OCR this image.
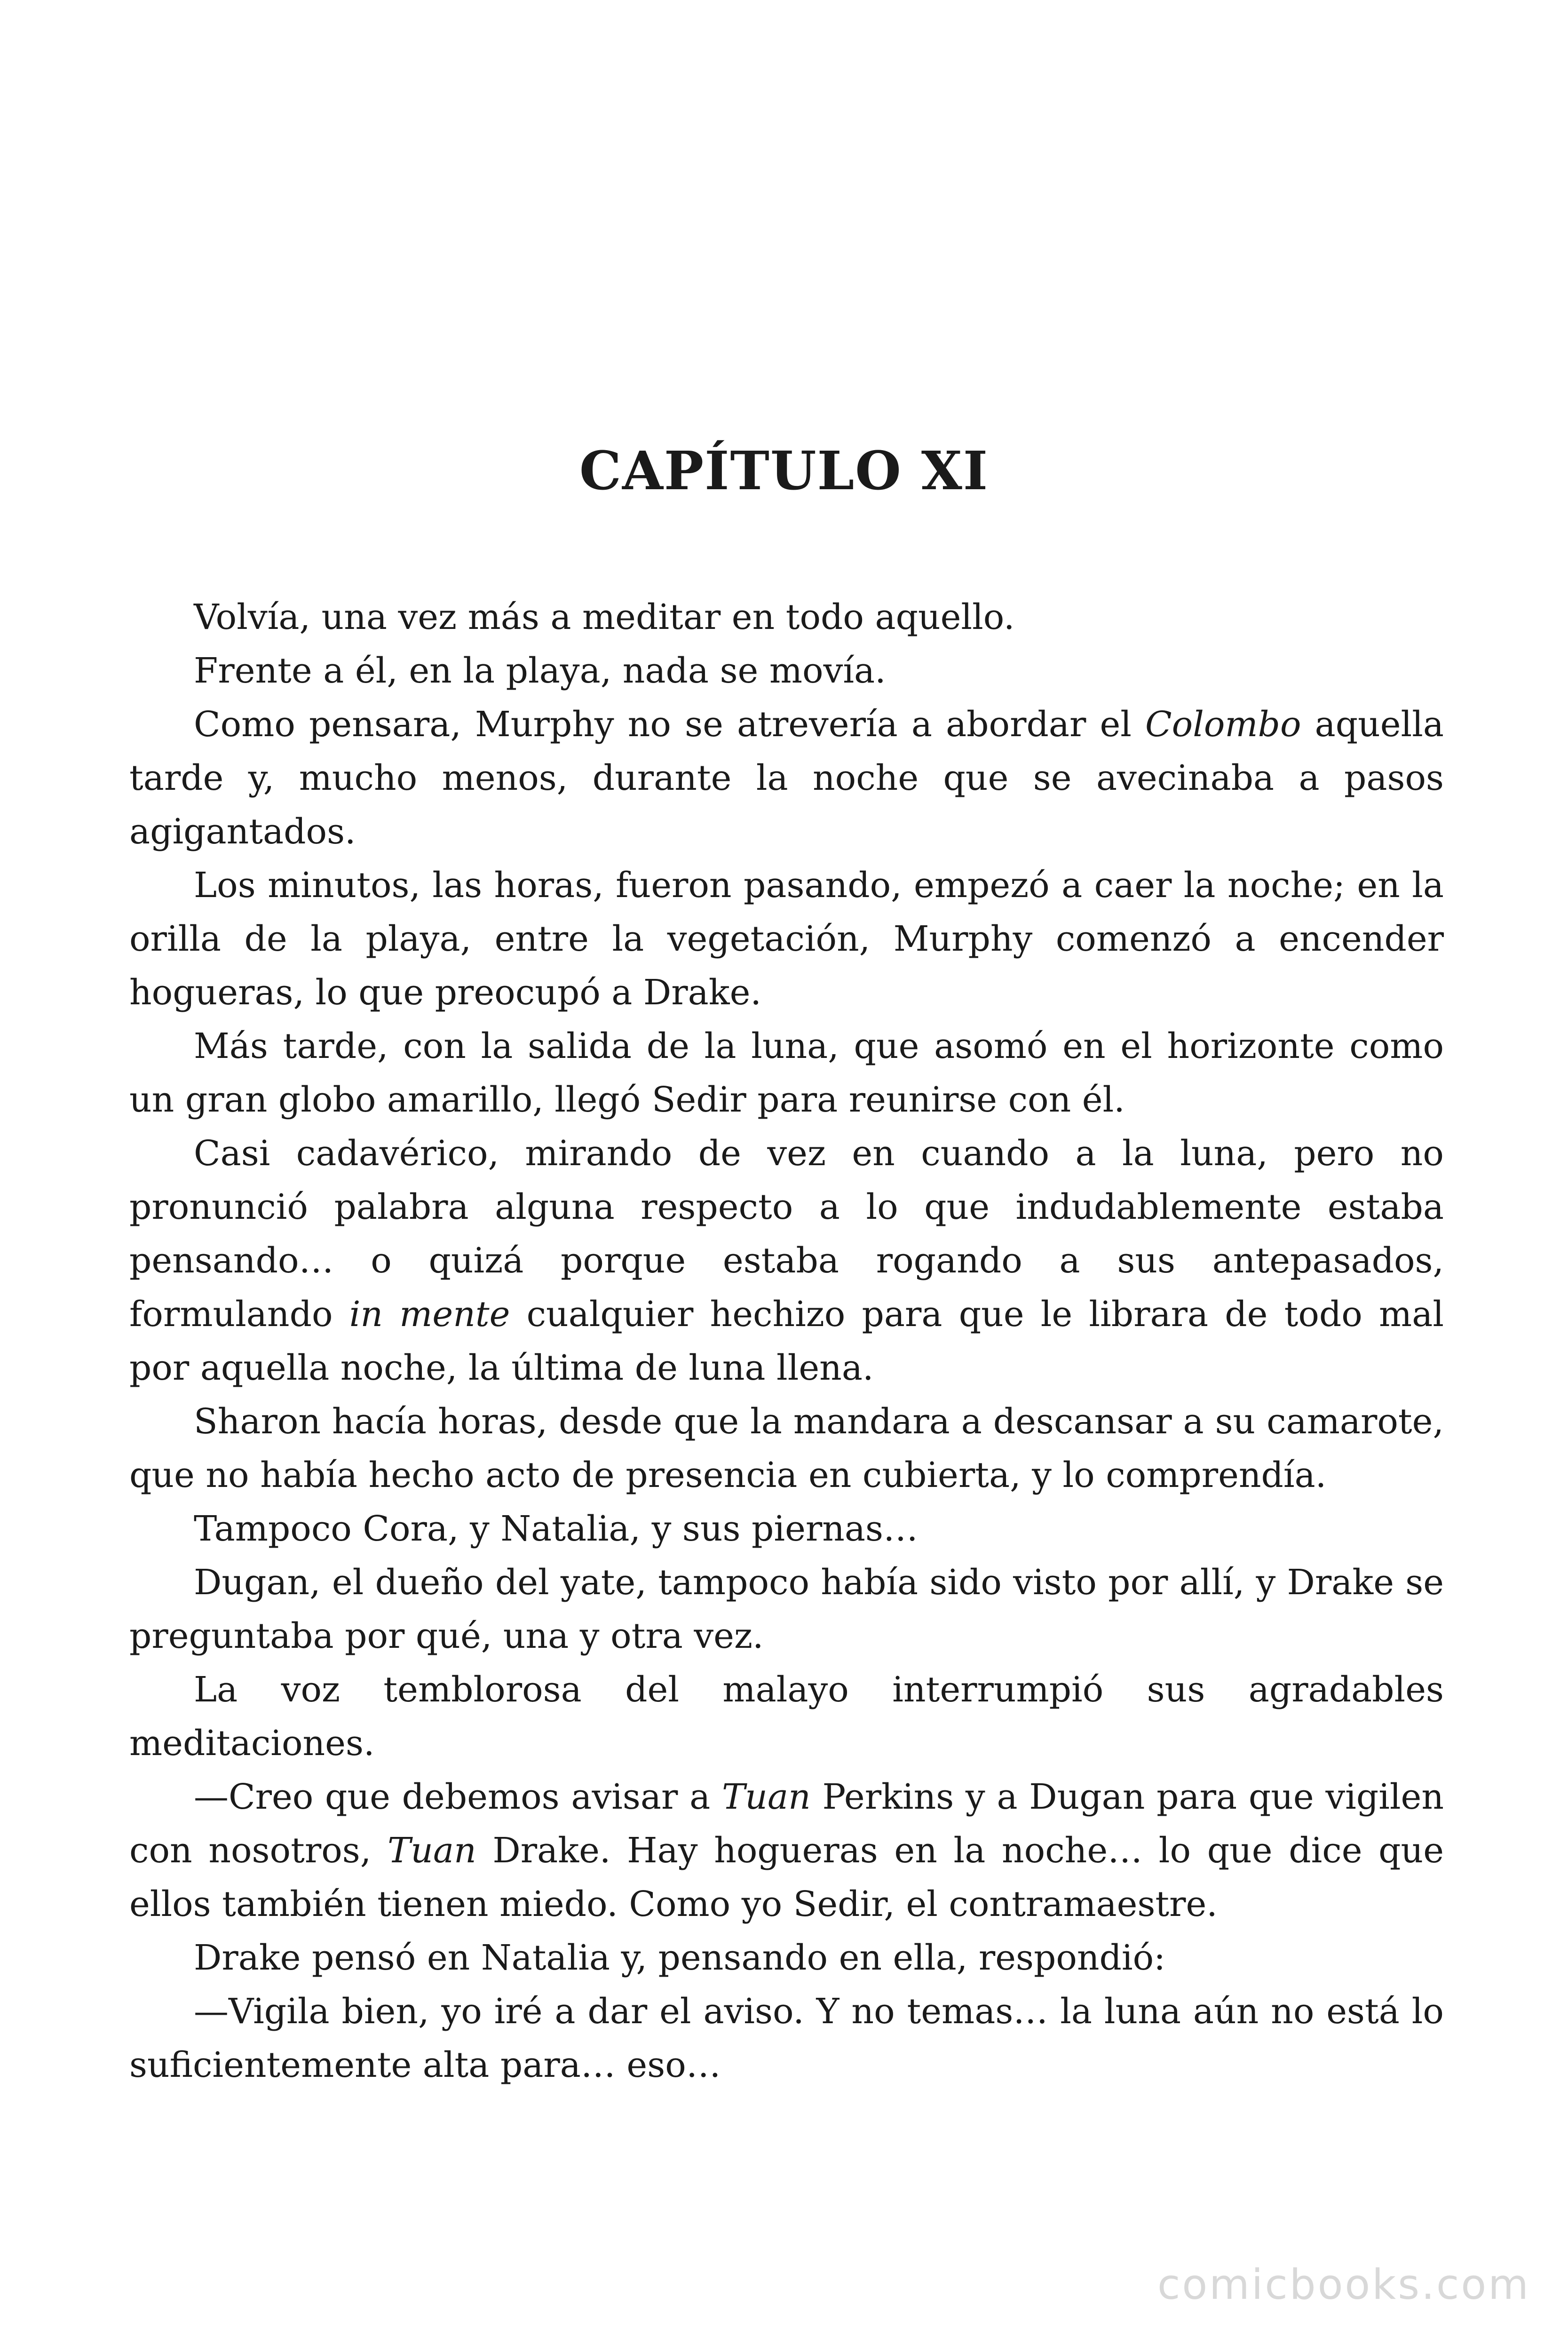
CAPÍTULO XI

Volvía, una vez más a meditar en todo aquello.

Frente a él, en la playa, nada se movía.

Como pensara, Murphy no se atrevería a abordar el Colombo aquella tarde y, mucho menos, durante la noche que se avecinaba a pasos agigantados.

Los minutos, las horas, fueron pasando, empezó a caer la noche; en la orilla de la playa, entre la vegetación, Murphy comenzó a encender hogueras, lo que preocupó a Drake.

Más tarde, con la salida de la luna, que asomó en el horizonte como un gran globo amarillo, llegó Sedir para reunirse con él.

Casi cadavérico, mirando de vez en cuando a la luna, pero no pronunció palabra alguna respecto a lo que indudablemente estaba pensando… o quizá porque estaba rogando a sus antepasados, formulando in mente cualquier hechizo para que le librara de todo mal por aquella noche, la última de luna llena.

Sharon hacía horas, desde que la mandara a descansar a su camarote, que no había hecho acto de presencia en cubierta, y lo comprendía.

Tampoco Cora, y Natalia, y sus piernas…

Dugan, el dueño del yate, tampoco había sido visto por allí, y Drake se preguntaba por qué, una y otra vez.

La voz temblorosa del malayo interrumpió sus agradables meditaciones.

—Creo que debemos avisar a Tuan Perkins y a Dugan para que vigilen con nosotros, Tuan Drake. Hay hogueras en la noche… lo que dice que ellos también tienen miedo. Como yo Sedir, el contramaestre.

Drake pensó en Natalia y, pensando en ella, respondió:

—Vigila bien, yo iré a dar el aviso. Y no temas… la luna aún no está lo suficientemente alta para… eso…

comicbooks.com
